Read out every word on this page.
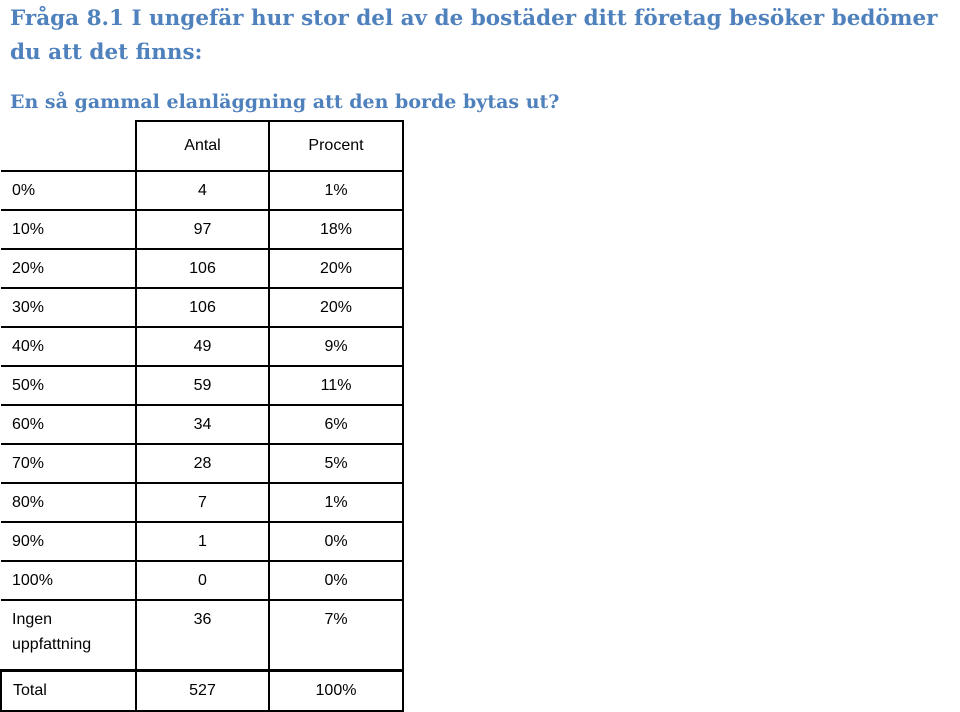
Fråga 8.1 I ungefär hur stor del av de bostäder ditt företag besöker bedömer du att det finns:
En så gammal elanläggning att den borde bytas ut?
	Antal	Procent
0%	4	1%
10%	97	18%
20%	106	20%
30%	106	20%
40%	49	9%
50%	59	11%
60%	34	6%
70%	28	5%
80%	7	1%
90%	1	0%
100%	0	0%
Ingen uppfattning	36	7%
Total	527	100%
